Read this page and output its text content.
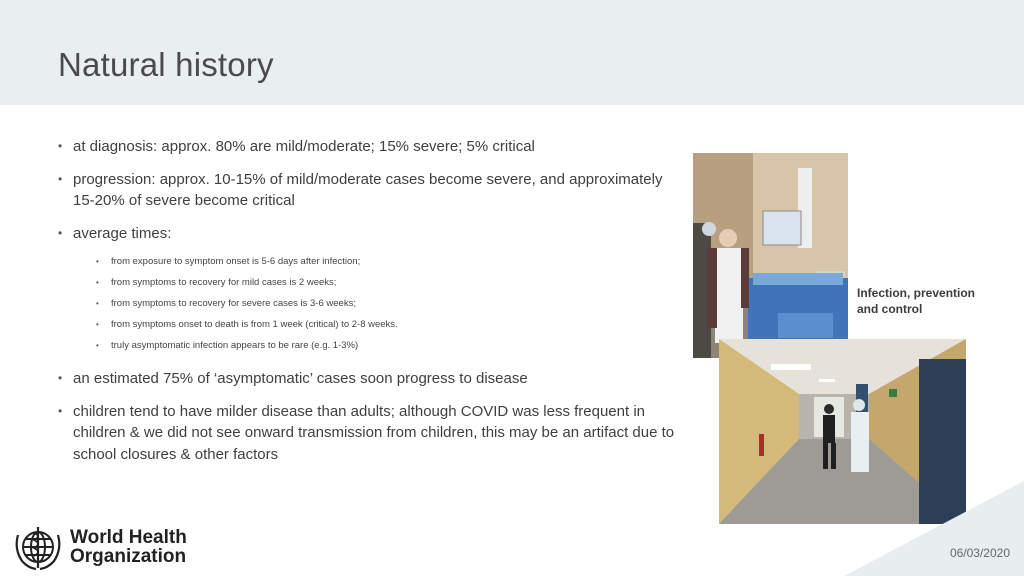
Natural history
• at diagnosis: approx. 80% are mild/moderate; 15% severe; 5% critical
• progression: approx. 10-15% of mild/moderate cases become severe, and approximately 15-20% of severe become critical
• average times:
• from exposure to symptom onset is 5-6 days after infection;
• from symptoms to recovery for mild cases is 2 weeks;
• from symptoms to recovery for severe cases is 3-6 weeks;
• from symptoms onset to death is from 1 week (critical) to 2-8 weeks.
• truly asymptomatic infection appears to be rare (e.g. 1-3%)
• an estimated 75% of ‘asymptomatic’ cases soon progress to disease
• children tend to have milder disease than adults; although COVID was less frequent in children & we did not see onward transmission from children, this may be an artifact due to school closures & other factors
Infection, prevention
and control
06/03/2020
World Health
Organization
